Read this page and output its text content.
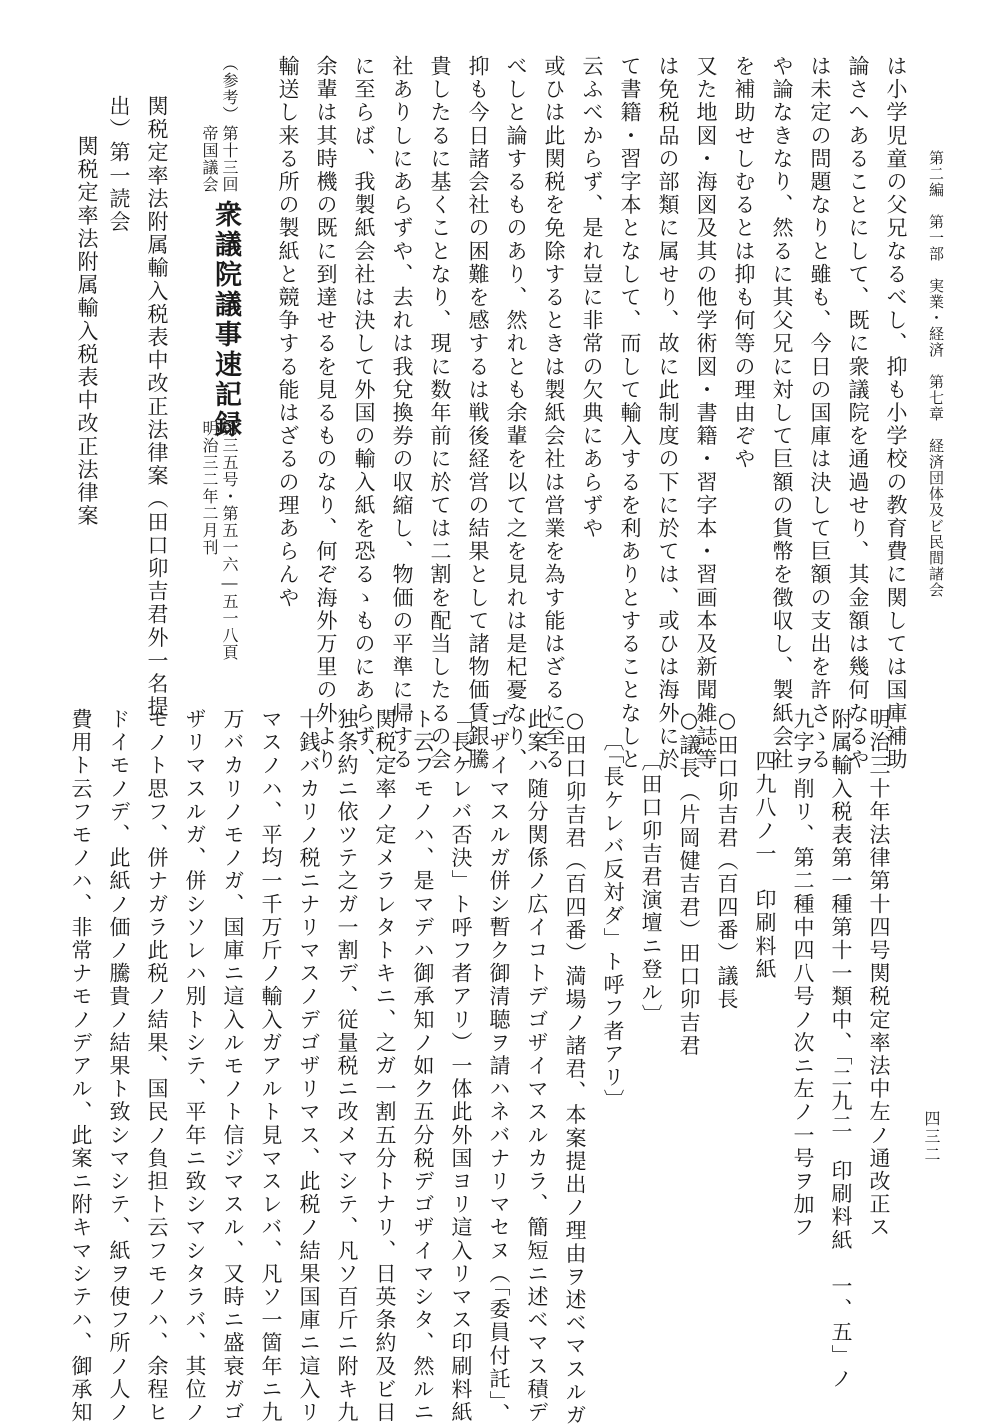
第二編　第一部　実業・経済　第七章　経済団体及ビ民間諸会
四三二
は小学児童の父兄なるべし、抑も小学校の教育費に関しては国庫補助
論さへあることにして、既に衆議院を通過せり、其金額は幾何なるや
は未定の問題なりと雖も、今日の国庫は決して巨額の支出を許さゝる
や論なきなり、然るに其父兄に対して巨額の貨幣を徴収し、製紙会社
を補助せしむるとは抑も何等の理由ぞや
又た地図・海図及其の他学術図・書籍・習字本・習画本及新聞雑誌等
は免税品の部類に属せり、故に此制度の下に於ては、或ひは海外に於
て書籍・習字本となして、而して輸入するを利ありとすることなしと
云ふべからず、是れ豈に非常の欠典にあらずや
或ひは此関税を免除するときは製紙会社は営業を為す能はざるに至る
べしと論するものあり、然れとも余輩を以て之を見れは是杞憂なり、
抑も今日諸会社の困難を感するは戦後経営の結果として諸物価賃銀騰
貴したるに基くことなり、現に数年前に於ては二割を配当したるの会
社ありしにあらずや、去れは我兌換券の収縮し、物価の平準に帰する
に至らば、我製紙会社は決して外国の輸入紙を恐るゝものにあらず、
余輩は其時機の既に到達せるを見るものなり、何ぞ海外万里の外より
輸送し来る所の製紙と競争する能はざるの理あらんや
（参考）
第十三回
帝国議会
衆議院議事速記録
第三五号・第五一六―五一八頁
明治三二年二月刊
関税定率法附属輸入税表中改正法律案（田口卯吉君外一名提
出）第一読会
関税定率法附属輸入税表中改正法律案
明治三十年法律第十四号関税定率法中左ノ通改正ス
附属輸入税表第一種第十一類中、「二九二　印刷料紙　一、五」ノ
九字ヲ削リ、第二種中四八号ノ次ニ左ノ一号ヲ加フ
四九八ノ一　印刷料紙
○田口卯吉君（百四番）議長
○議長（片岡健吉君）田口卯吉君
〔田口卯吉君演壇ニ登ル〕
〔「長ケレバ反対ダ」ト呼フ者アリ〕
○田口卯吉君（百四番）満場ノ諸君、本案提出ノ理由ヲ述ベマスルガ
此案ハ随分関係ノ広イコトデゴザイマスルカラ、簡短ニ述ベマス積デ
ゴザイマスルガ併シ暫ク御清聴ヲ請ハネバナリマセヌ（「委員付託」、
「長ケレバ否決」ト呼フ者アリ）一体此外国ヨリ這入リマス印刷料紙
ト云フモノハ、是マデハ御承知ノ如ク五分税デゴザイマシタ、然ルニ
関税定率ノ定メラレタトキニ、之ガ一割五分トナリ、日英条約及ビ日
独条約ニ依ツテ之ガ一割デ、従量税ニ改メマシテ、凡ソ百斤ニ附キ九
十銭バカリノ税ニナリマスノデゴザリマス、此税ノ結果国庫ニ這入リ
マスノハ、平均一千万斤ノ輸入ガアルト見マスレバ、凡ソ一箇年ニ九
万バカリノモノガ、国庫ニ這入ルモノト信ジマスル、又時ニ盛衰ガゴ
ザリマスルガ、併シソレハ別トシテ、平年ニ致シマシタラバ、其位ノ
モノト思フ、併ナガラ此税ノ結果、国民ノ負担ト云フモノハ、余程ヒ
ドイモノデ、此紙ノ価ノ騰貴ノ結果ト致シマシテ、紙ヲ使フ所ノ人ノ
費用ト云フモノハ、非常ナモノデアル、此案ニ附キマシテハ、御承知
